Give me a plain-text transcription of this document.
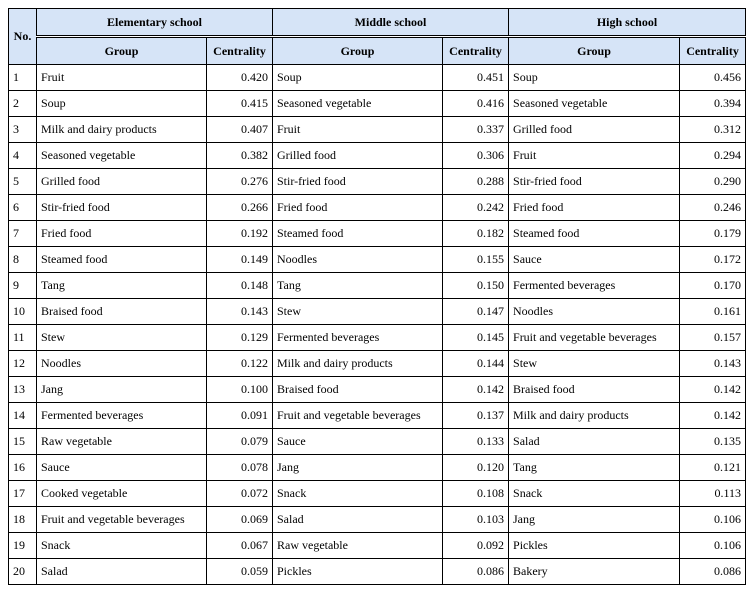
No.	Elementary school		Middle school		High school	
	Group	Centrality	Group	Centrality	Group	Centrality
1	Fruit	0.420	Soup	0.451	Soup	0.456
2	Soup	0.415	Seasoned vegetable	0.416	Seasoned vegetable	0.394
3	Milk and dairy products	0.407	Fruit	0.337	Grilled food	0.312
4	Seasoned vegetable	0.382	Grilled food	0.306	Fruit	0.294
5	Grilled food	0.276	Stir-fried food	0.288	Stir-fried food	0.290
6	Stir-fried food	0.266	Fried food	0.242	Fried food	0.246
7	Fried food	0.192	Steamed food	0.182	Steamed food	0.179
8	Steamed food	0.149	Noodles	0.155	Sauce	0.172
9	Tang	0.148	Tang	0.150	Fermented beverages	0.170
10	Braised food	0.143	Stew	0.147	Noodles	0.161
11	Stew	0.129	Fermented beverages	0.145	Fruit and vegetable beverages	0.157
12	Noodles	0.122	Milk and dairy products	0.144	Stew	0.143
13	Jang	0.100	Braised food	0.142	Braised food	0.142
14	Fermented beverages	0.091	Fruit and vegetable beverages	0.137	Milk and dairy products	0.142
15	Raw vegetable	0.079	Sauce	0.133	Salad	0.135
16	Sauce	0.078	Jang	0.120	Tang	0.121
17	Cooked vegetable	0.072	Snack	0.108	Snack	0.113
18	Fruit and vegetable beverages	0.069	Salad	0.103	Jang	0.106
19	Snack	0.067	Raw vegetable	0.092	Pickles	0.106
20	Salad	0.059	Pickles	0.086	Bakery	0.086
